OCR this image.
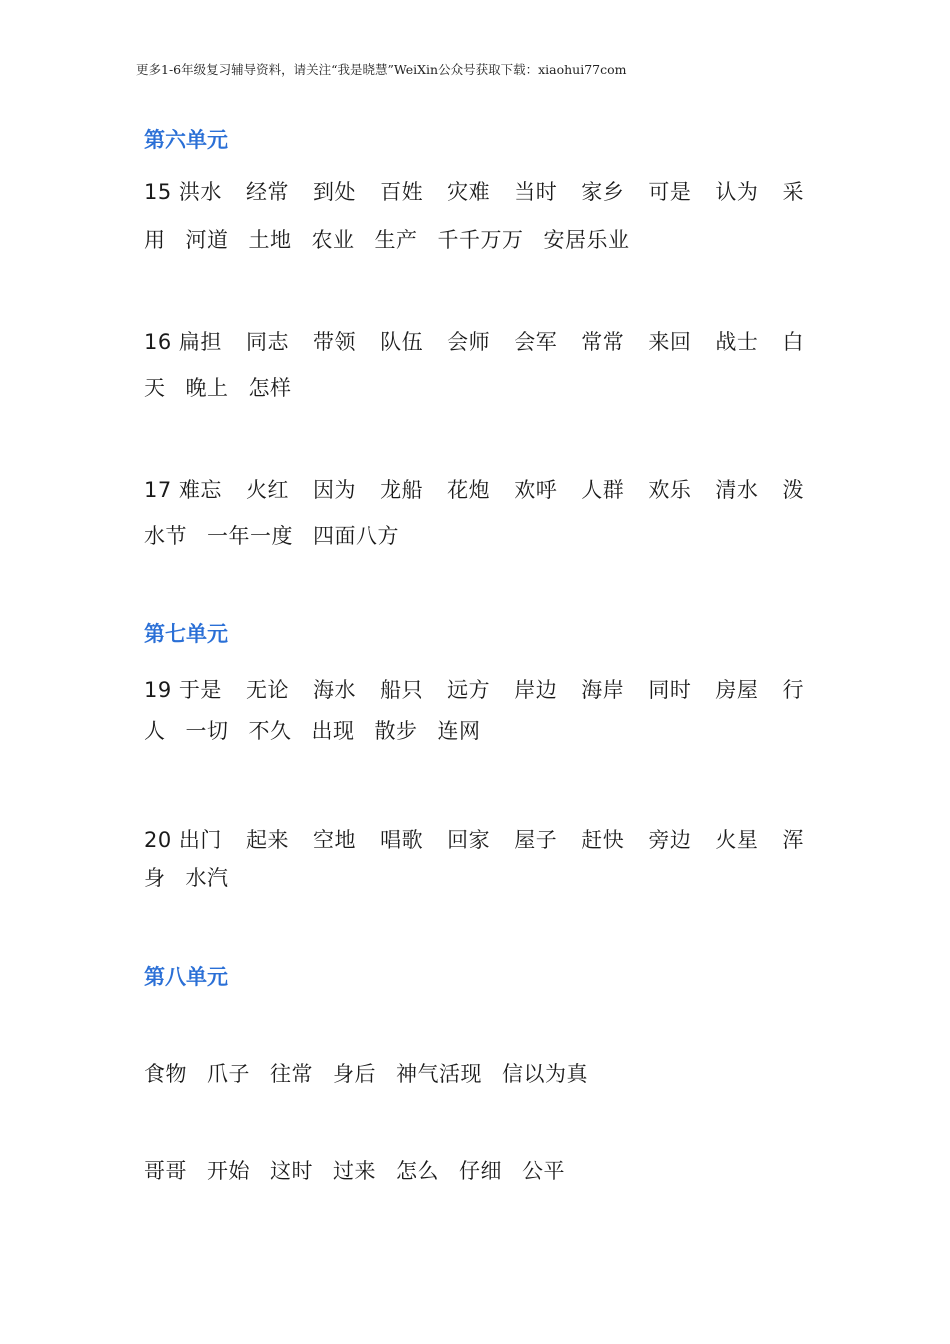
更多1-6年级复习辅导资料，请关注“我是晓慧”WeiXin公众号获取下载：xiaohui77com
第六单元
15 洪水 经常 到处 百姓 灾难 当时 家乡 可是 认为 采
用 河道 土地 农业 生产 千千万万 安居乐业
16 扁担 同志 带领 队伍 会师 会军 常常 来回 战士 白
天 晚上 怎样
17 难忘 火红 因为 龙船 花炮 欢呼 人群 欢乐 清水 泼
水节 一年一度 四面八方
第七单元
19 于是 无论 海水 船只 远方 岸边 海岸 同时 房屋 行
人 一切 不久 出现 散步 连网
20 出门 起来 空地 唱歌 回家 屋子 赶快 旁边 火星 浑
身 水汽
第八单元
食物 爪子 往常 身后 神气活现 信以为真
哥哥 开始 这时 过来 怎么 仔细 公平
